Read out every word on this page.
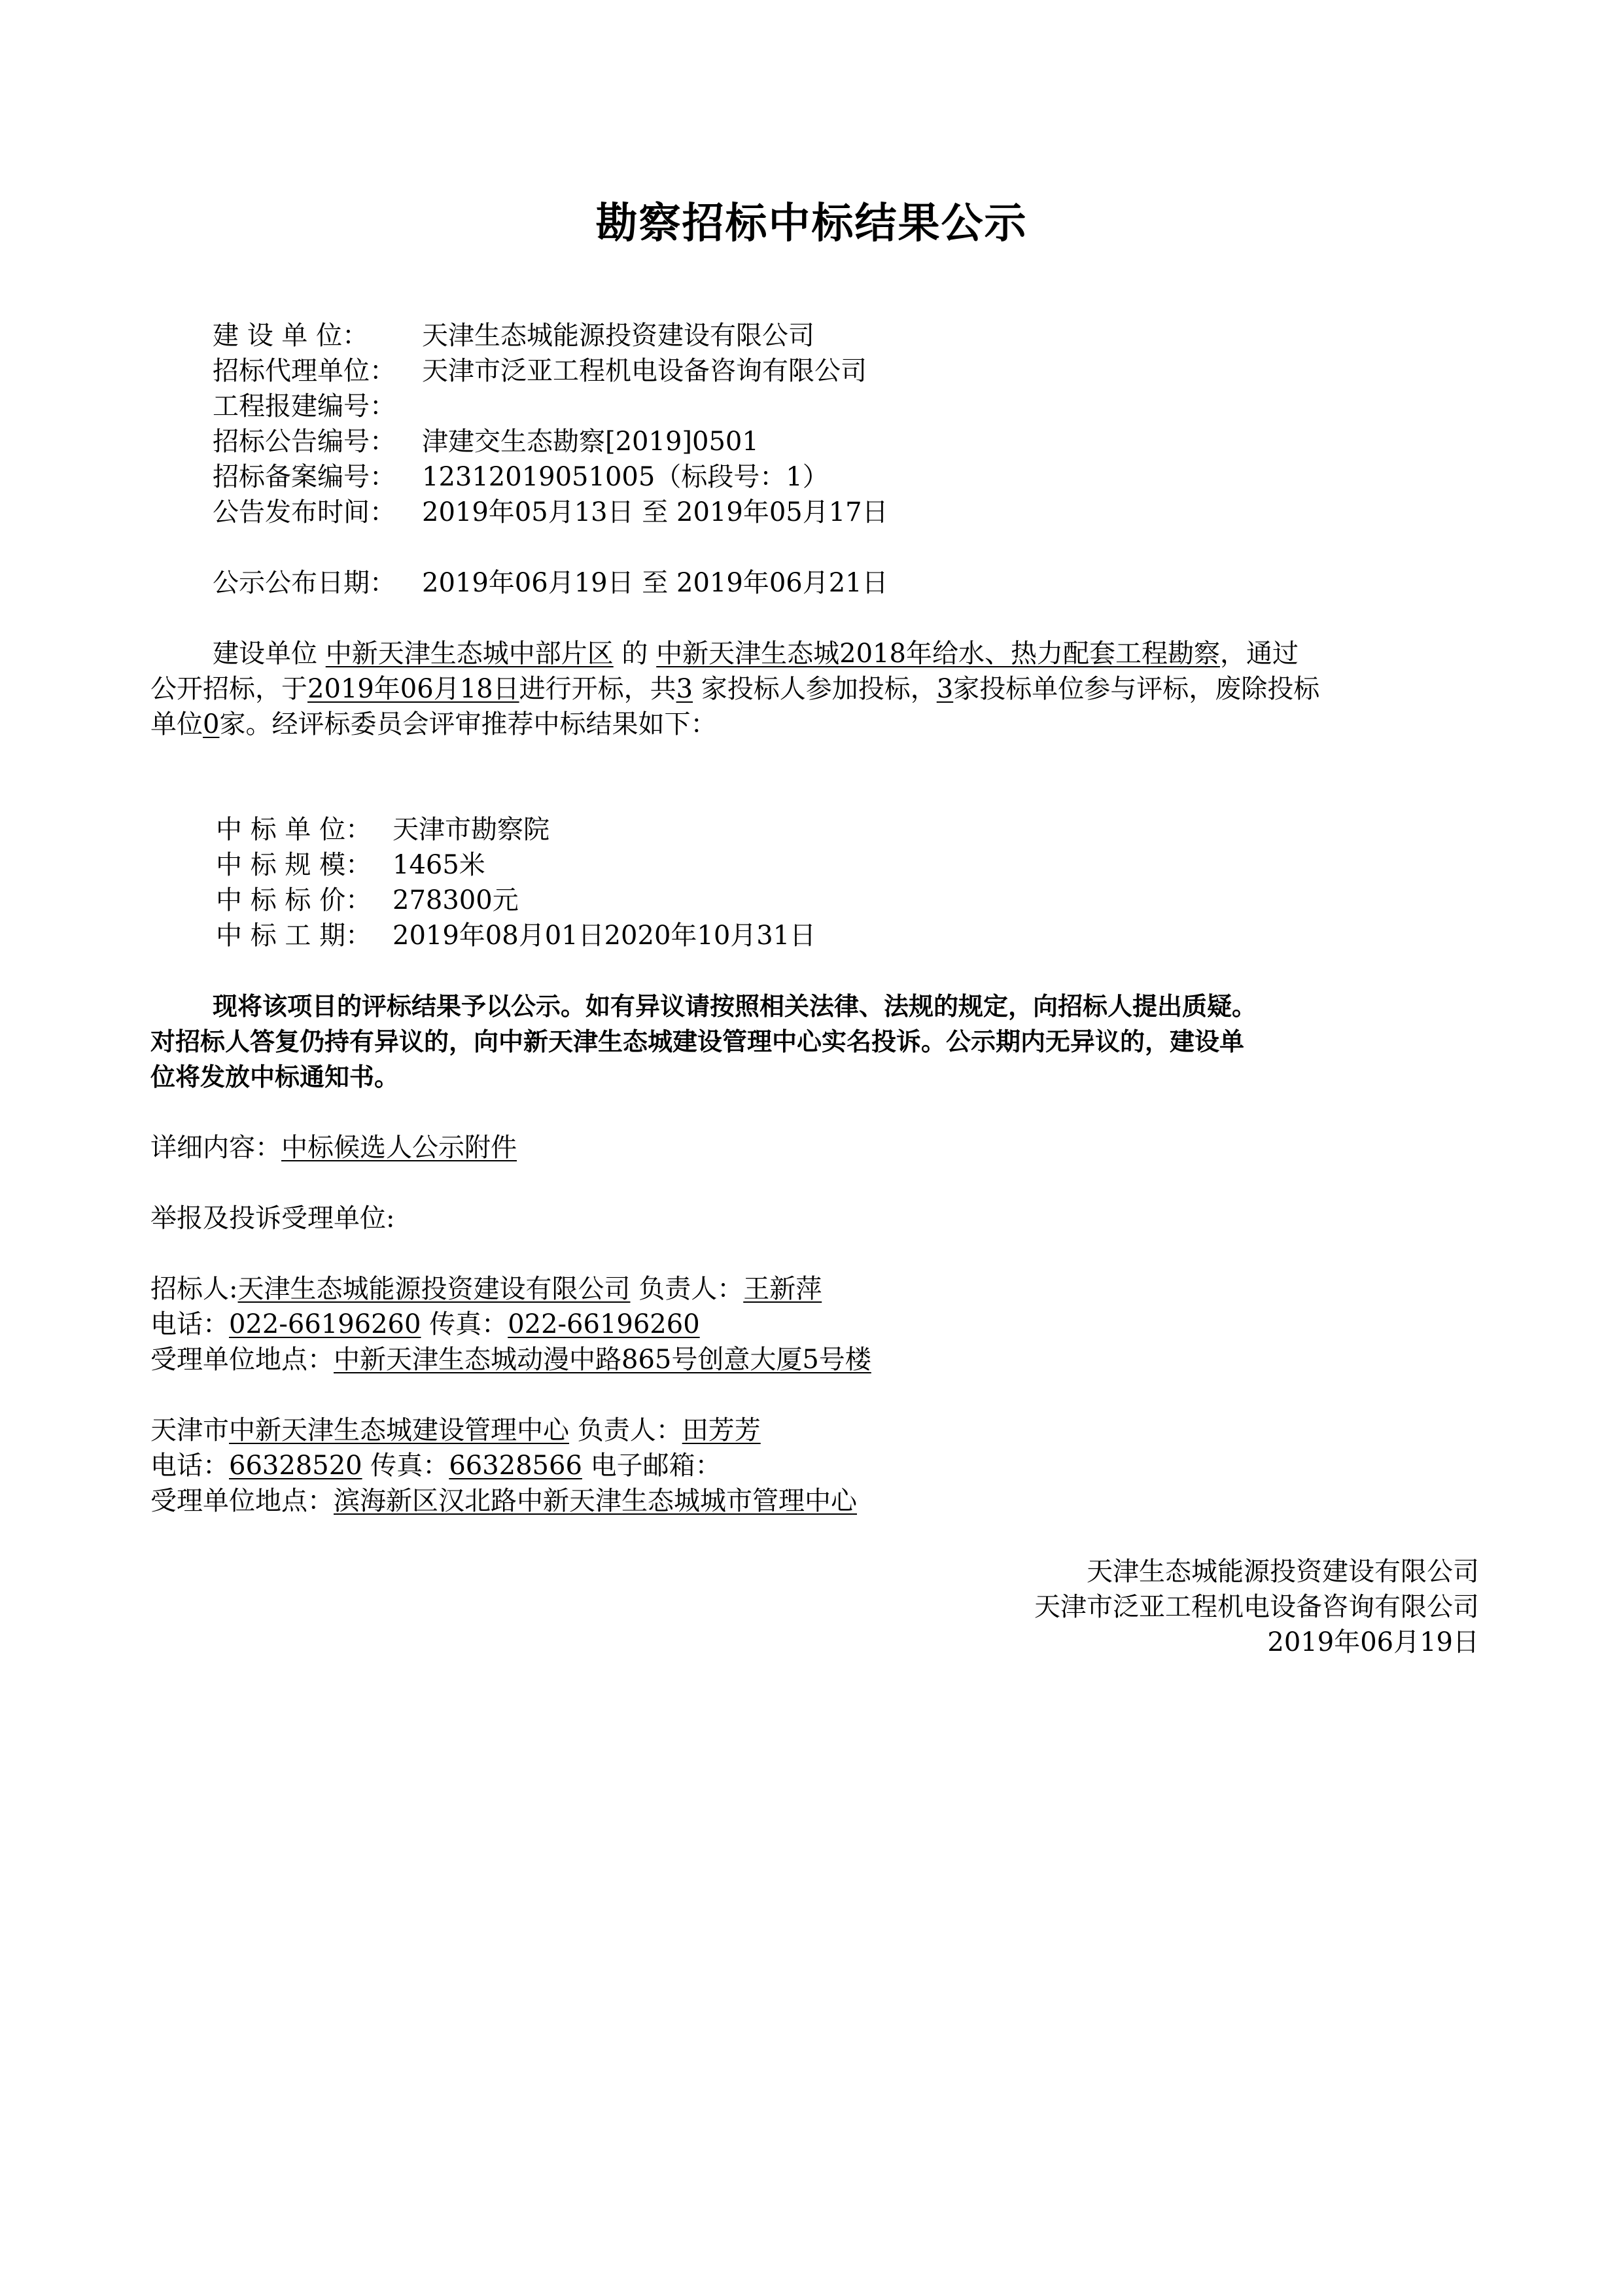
勘察招标中标结果公示
建 设 单 位： 天津生态城能源投资建设有限公司
招标代理单位： 天津市泛亚工程机电设备咨询有限公司
工程报建编号：
招标公告编号： 津建交生态勘察[2019]0501
招标备案编号： 12312019051005（标段号：1）
公告发布时间： 2019年05月13日 至 2019年05月17日
公示公布日期： 2019年06月19日 至 2019年06月21日
建设单位 中新天津生态城中部片区 的 中新天津生态城2018年给水、热力配套工程勘察，通过
公开招标，于2019年06月18日进行开标，共3 家投标人参加投标，3家投标单位参与评标，废除投标
单位0家。经评标委员会评审推荐中标结果如下：
中 标 单 位： 天津市勘察院
中 标 规 模： 1465米
中 标 标 价： 278300元
中 标 工 期： 2019年08月01日2020年10月31日
现将该项目的评标结果予以公示。如有异议请按照相关法律、法规的规定，向招标人提出质疑。
对招标人答复仍持有异议的，向中新天津生态城建设管理中心实名投诉。公示期内无异议的，建设单
位将发放中标通知书。
详细内容：中标候选人公示附件
举报及投诉受理单位:
招标人:天津生态城能源投资建设有限公司 负责人：王新萍
电话：022-66196260 传真：022-66196260
受理单位地点：中新天津生态城动漫中路865号创意大厦5号楼
天津市中新天津生态城建设管理中心 负责人：田芳芳
电话：66328520 传真：66328566 电子邮箱：
受理单位地点：滨海新区汉北路中新天津生态城城市管理中心
天津生态城能源投资建设有限公司
天津市泛亚工程机电设备咨询有限公司
2019年06月19日
